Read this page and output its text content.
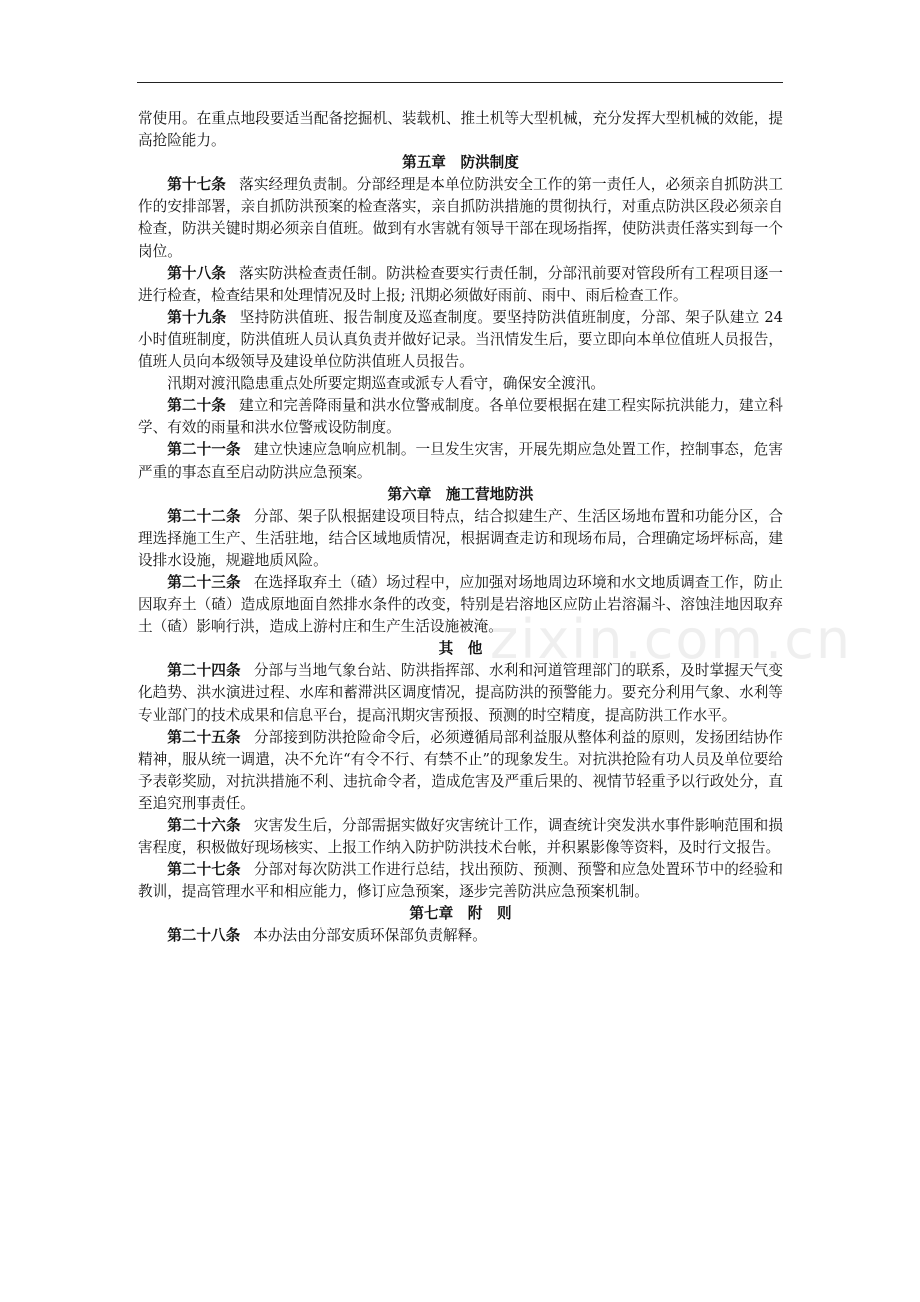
常使用。在重点地段要适当配备挖掘机、装载机、推土机等大型机械，充分发挥大型机械的效能，提高抢险能力。

第五章　防洪制度

第十七条 落实经理负责制。分部经理是本单位防洪安全工作的第一责任人，必须亲自抓防洪工作的安排部署，亲自抓防洪预案的检查落实，亲自抓防洪措施的贯彻执行，对重点防洪区段必须亲自检查，防洪关键时期必须亲自值班。做到有水害就有领导干部在现场指挥，使防洪责任落实到每一个岗位。

第十八条 落实防洪检查责任制。防洪检查要实行责任制，分部汛前要对管段所有工程项目逐一进行检查，检查结果和处理情况及时上报; 汛期必须做好雨前、雨中、雨后检查工作。

第十九条 坚持防洪值班、报告制度及巡查制度。要坚持防洪值班制度，分部、架子队建立 24 小时值班制度，防洪值班人员认真负责并做好记录。当汛情发生后，要立即向本单位值班人员报告，值班人员向本级领导及建设单位防洪值班人员报告。

汛期对渡汛隐患重点处所要定期巡查或派专人看守，确保安全渡汛。

第二十条 建立和完善降雨量和洪水位警戒制度。各单位要根据在建工程实际抗洪能力，建立科学、有效的雨量和洪水位警戒设防制度。

第二十一条 建立快速应急响应机制。一旦发生灾害，开展先期应急处置工作，控制事态，危害严重的事态直至启动防洪应急预案。

第六章　施工营地防洪

第二十二条 分部、架子队根据建设项目特点，结合拟建生产、生活区场地布置和功能分区，合理选择施工生产、生活驻地，结合区域地质情况，根据调查走访和现场布局，合理确定场坪标高，建设排水设施，规避地质风险。

第二十三条 在选择取弃土（碴）场过程中，应加强对场地周边环境和水文地质调查工作，防止因取弃土（碴）造成原地面自然排水条件的改变，特别是岩溶地区应防止岩溶漏斗、溶蚀洼地因取弃土（碴）影响行洪，造成上游村庄和生产生活设施被淹。

其　他

第二十四条 分部与当地气象台站、防洪指挥部、水利和河道管理部门的联系，及时掌握天气变化趋势、洪水演进过程、水库和蓄滞洪区调度情况，提高防洪的预警能力。要充分利用气象、水利等专业部门的技术成果和信息平台，提高汛期灾害预报、预测的时空精度，提高防洪工作水平。

第二十五条 分部接到防洪抢险命令后，必须遵循局部利益服从整体利益的原则，发扬团结协作精神，服从统一调遣，决不允许“有令不行、有禁不止”的现象发生。对抗洪抢险有功人员及单位要给予表彰奖励，对抗洪措施不利、违抗命令者，造成危害及严重后果的、视情节轻重予以行政处分，直至追究刑事责任。

第二十六条 灾害发生后，分部需据实做好灾害统计工作，调查统计突发洪水事件影响范围和损害程度，积极做好现场核实、上报工作纳入防护防洪技术台帐，并积累影像等资料，及时行文报告。

第二十七条 分部对每次防洪工作进行总结，找出预防、预测、预警和应急处置环节中的经验和教训，提高管理水平和相应能力，修订应急预案，逐步完善防洪应急预案机制。

第七章　附　则

第二十八条 本办法由分部安质环保部负责解释。

zixin.com.cn
